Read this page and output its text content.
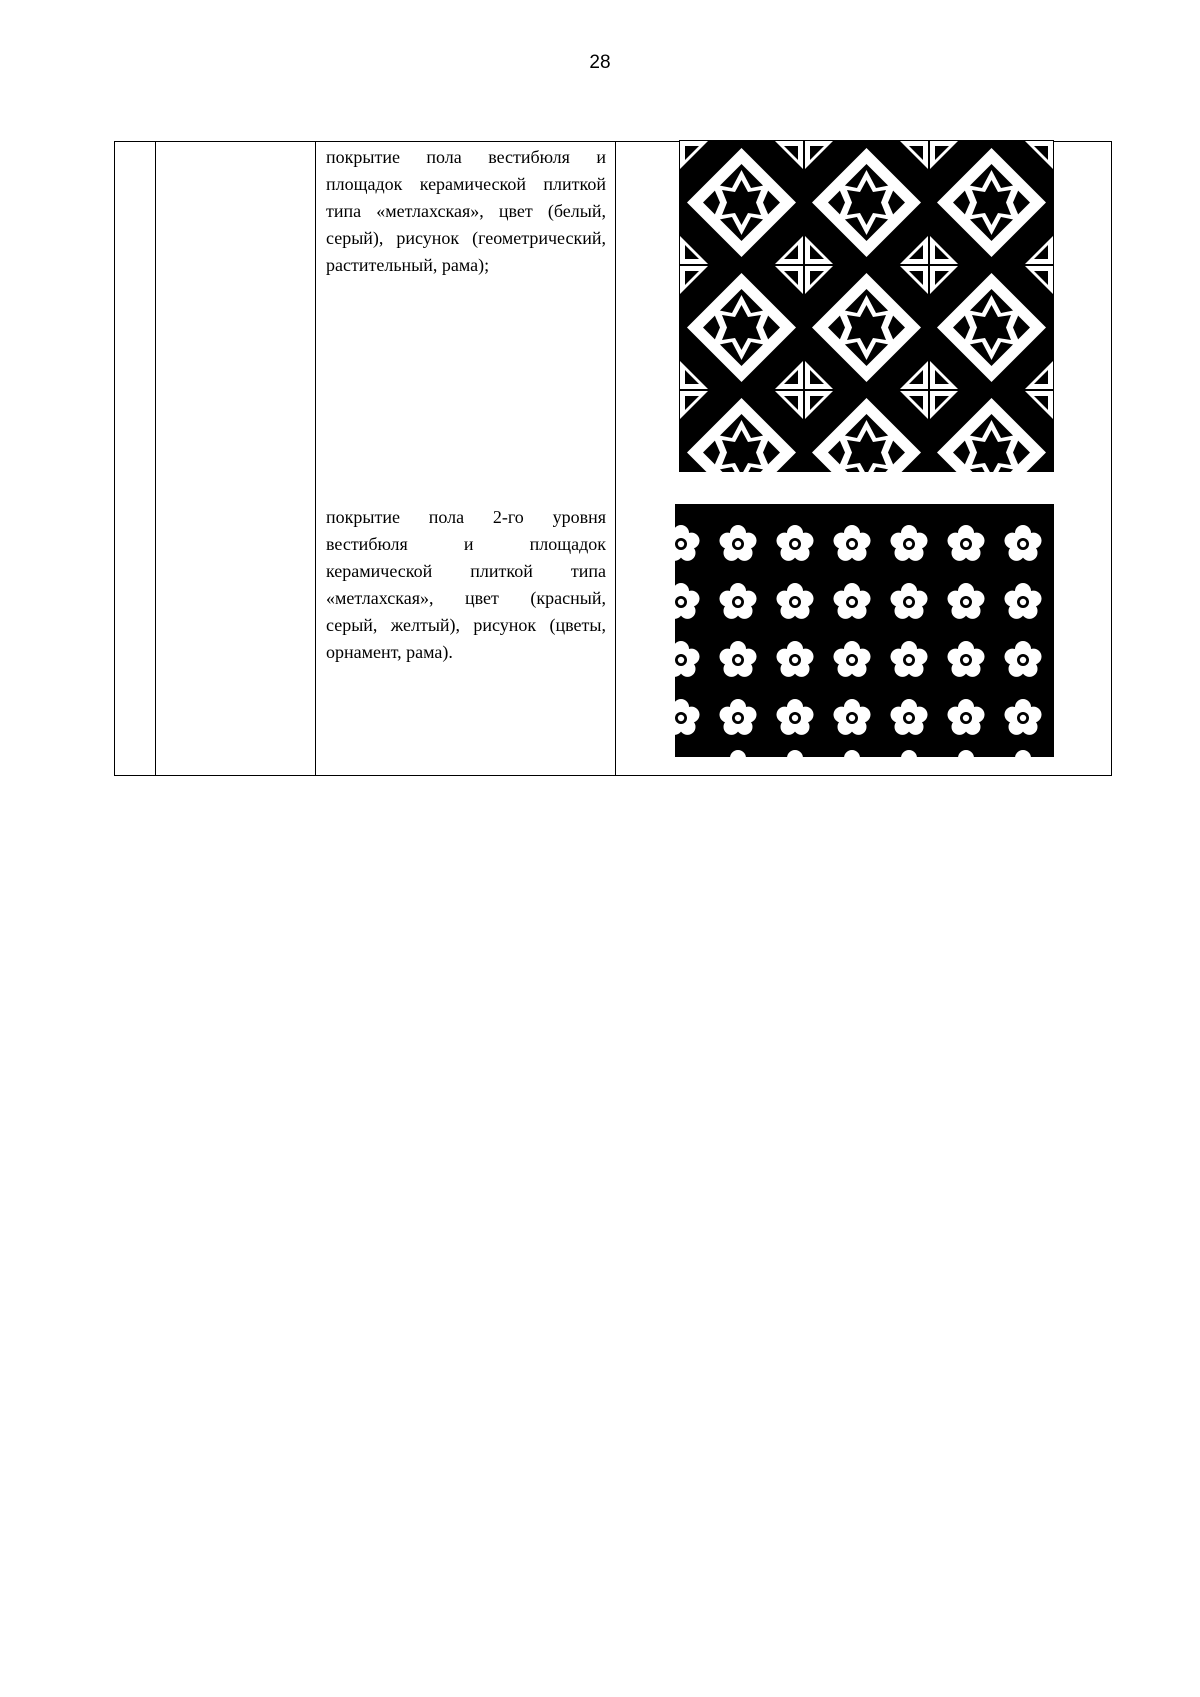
28
покрытие пола вестибюля и площадок керамической плиткой типа «метлахская», цвет (белый, серый), рисунок (геометрический, растительный, рама);
покрытие пола 2-го уровня вестибюля и площадок керамической плиткой типа «метлахская», цвет (красный, серый, желтый), рисунок (цветы, орнамент, рама).
